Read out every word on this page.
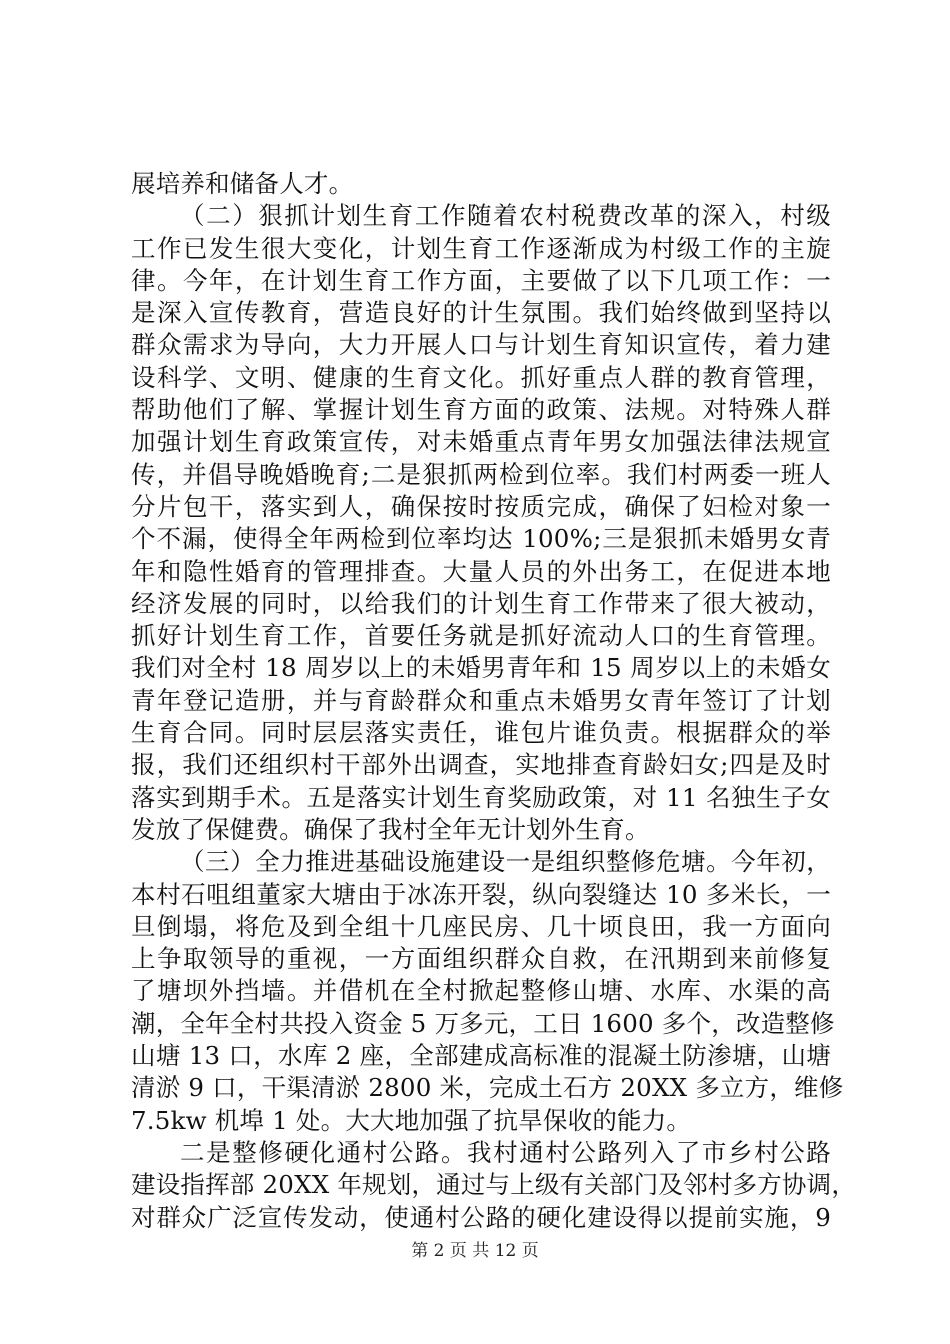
展培养和储备人才。
（二）狠抓计划生育工作随着农村税费改革的深入，村级
工作已发生很大变化，计划生育工作逐渐成为村级工作的主旋
律。今年，在计划生育工作方面，主要做了以下几项工作：一
是深入宣传教育，营造良好的计生氛围。我们始终做到坚持以
群众需求为导向，大力开展人口与计划生育知识宣传，着力建
设科学、文明、健康的生育文化。抓好重点人群的教育管理，
帮助他们了解、掌握计划生育方面的政策、法规。对特殊人群
加强计划生育政策宣传，对未婚重点青年男女加强法律法规宣
传，并倡导晚婚晚育;二是狠抓两检到位率。我们村两委一班人
分片包干，落实到人，确保按时按质完成，确保了妇检对象一
个不漏，使得全年两检到位率均达 100%;三是狠抓未婚男女青
年和隐性婚育的管理排查。大量人员的外出务工，在促进本地
经济发展的同时，以给我们的计划生育工作带来了很大被动，
抓好计划生育工作，首要任务就是抓好流动人口的生育管理。
我们对全村 18 周岁以上的未婚男青年和 15 周岁以上的未婚女
青年登记造册，并与育龄群众和重点未婚男女青年签订了计划
生育合同。同时层层落实责任，谁包片谁负责。根据群众的举
报，我们还组织村干部外出调查，实地排查育龄妇女;四是及时
落实到期手术。五是落实计划生育奖励政策，对 11 名独生子女
发放了保健费。确保了我村全年无计划外生育。
（三）全力推进基础设施建设一是组织整修危塘。今年初，
本村石咀组董家大塘由于冰冻开裂，纵向裂缝达 10 多米长，一
旦倒塌，将危及到全组十几座民房、几十顷良田，我一方面向
上争取领导的重视，一方面组织群众自救，在汛期到来前修复
了塘坝外挡墙。并借机在全村掀起整修山塘、水库、水渠的高
潮，全年全村共投入资金 5 万多元，工日 1600 多个，改造整修
山塘 13 口，水库 2 座，全部建成高标准的混凝土防渗塘，山塘
清淤 9 口，干渠清淤 2800 米，完成土石方 20XX 多立方，维修
7.5kw 机埠 1 处。大大地加强了抗旱保收的能力。
二是整修硬化通村公路。我村通村公路列入了市乡村公路
建设指挥部 20XX 年规划，通过与上级有关部门及邻村多方协调，
对群众广泛宣传发动，使通村公路的硬化建设得以提前实施，9
第 2 页 共 12 页
